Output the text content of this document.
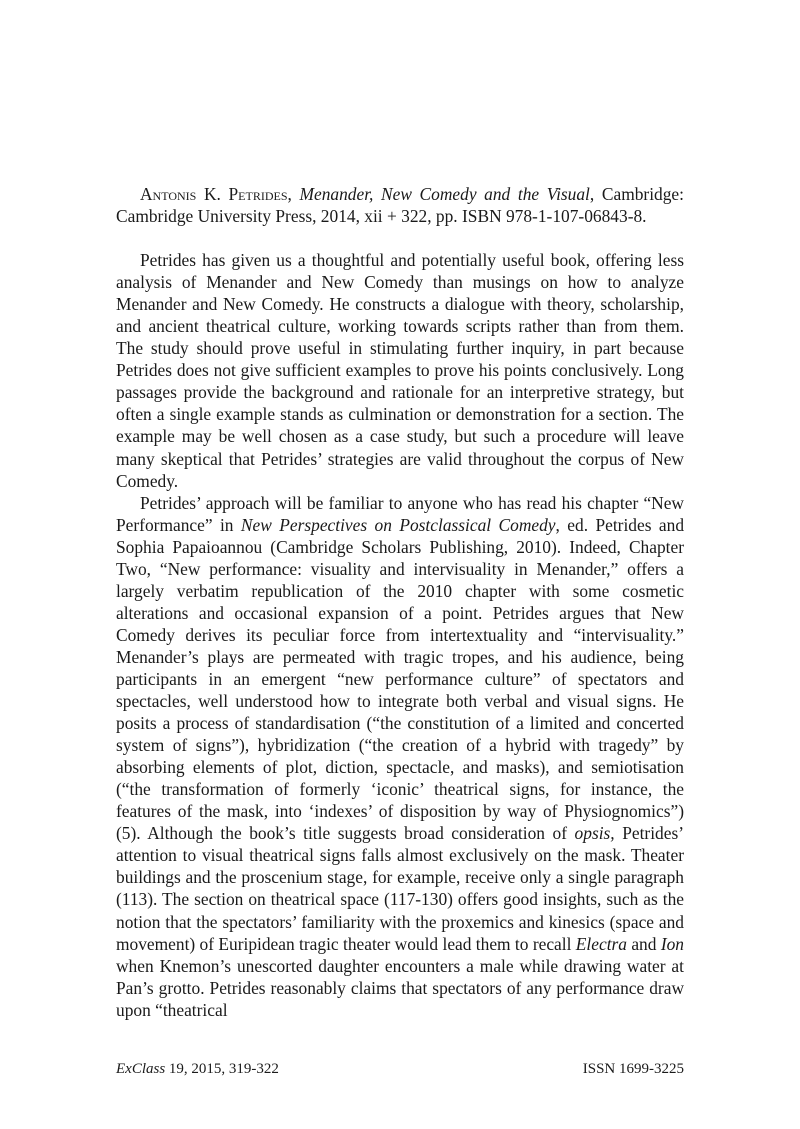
Antonis K. Petrides, Menander, New Comedy and the Visual, Cambridge: Cambridge University Press, 2014, xii + 322, pp. ISBN 978-1-107-06843-8.

Petrides has given us a thoughtful and potentially useful book, offering less analysis of Menander and New Comedy than musings on how to analyze Menander and New Comedy. He constructs a dialogue with theory, scholarship, and ancient theatrical culture, working towards scripts rather than from them. The study should prove useful in stimulating further inquiry, in part because Petrides does not give sufficient examples to prove his points conclusively. Long passages provide the background and rationale for an interpretive strategy, but often a single example stands as culmination or demonstration for a section. The example may be well chosen as a case study, but such a procedure will leave many skeptical that Petrides’ strategies are valid throughout the corpus of New Comedy.

Petrides’ approach will be familiar to anyone who has read his chapter “New Performance” in New Perspectives on Postclassical Comedy, ed. Petrides and Sophia Papaioannou (Cambridge Scholars Publishing, 2010). Indeed, Chapter Two, “New performance: visuality and intervisuality in Menander,” offers a largely verbatim republication of the 2010 chapter with some cosmetic alterations and occasional expansion of a point. Petrides argues that New Comedy derives its peculiar force from intertextuality and “intervisuality.” Menander’s plays are permeated with tragic tropes, and his audience, being participants in an emergent “new performance culture” of spectators and spectacles, well understood how to integrate both verbal and visual signs. He posits a process of standardisation (“the constitution of a limited and concerted system of signs”), hybridization (“the creation of a hybrid with tragedy” by absorbing elements of plot, diction, spectacle, and masks), and semiotisation (“the transformation of formerly ‘iconic’ theatrical signs, for instance, the features of the mask, into ‘indexes’ of disposition by way of Physiognomics”) (5). Although the book’s title suggests broad consideration of opsis, Petrides’ attention to visual theatrical signs falls almost exclusively on the mask. Theater buildings and the proscenium stage, for example, receive only a single paragraph (113). The section on theatrical space (117-130) offers good insights, such as the notion that the spectators’ familiarity with the proxemics and kinesics (space and movement) of Euripidean tragic theater would lead them to recall Electra and Ion when Knemon’s unescorted daughter encounters a male while drawing water at Pan’s grotto. Petrides reasonably claims that spectators of any performance draw upon “theatrical

ExClass 19, 2015, 319-322	ISSN 1699-3225
